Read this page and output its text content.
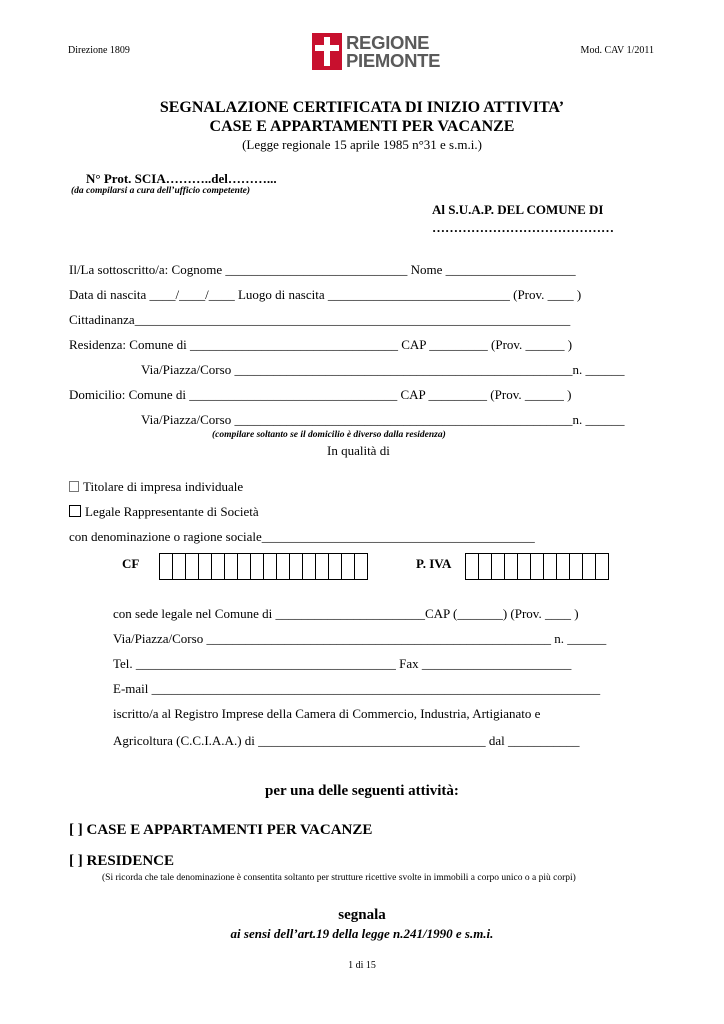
Direzione 1809	REGIONE
PIEMONTE	Mod. CAV 1/2011
SEGNALAZIONE CERTIFICATA DI INIZIO ATTIVITA’
CASE E APPARTAMENTI PER VACANZE
(Legge regionale 15 aprile 1985 n°31 e s.m.i.)
N° Prot. SCIA………..del………...
(da compilarsi a cura dell’ufficio competente)
Al S.U.A.P. DEL COMUNE DI
……………………………………
Il/La sottoscritto/a: Cognome ____________________________ Nome ____________________
Data di nascita ____/____/____ Luogo di nascita ____________________________ (Prov. ____ )
Cittadinanza___________________________________________________________________
Residenza: Comune di ________________________________ CAP _________ (Prov. ______ )
Via/Piazza/Corso ____________________________________________________n. ______
Domicilio: Comune di ________________________________ CAP _________ (Prov. ______ )
Via/Piazza/Corso ____________________________________________________n. ______
(compilare soltanto se il domicilio è diverso dalla residenza)
In qualità di
Titolare di impresa individuale
Legale Rappresentante di Società
con denominazione o ragione sociale__________________________________________
CF	P. IVA
con sede legale nel Comune di _______________________CAP (_______) (Prov. ____ )
Via/Piazza/Corso _____________________________________________________ n. ______
Tel. ________________________________________ Fax _______________________
E-mail _____________________________________________________________________
iscritto/a al Registro Imprese della Camera di Commercio, Industria, Artigianato e
Agricoltura (C.C.I.A.A.) di ___________________________________ dal ___________
per una delle seguenti attività:
[ ] CASE E APPARTAMENTI PER VACANZE
[ ] RESIDENCE
(Si ricorda che tale denominazione è consentita soltanto per strutture ricettive svolte in immobili a corpo unico o a più corpi)
segnala
ai sensi dell’art.19 della legge n.241/1990 e s.m.i.
1 di 15
